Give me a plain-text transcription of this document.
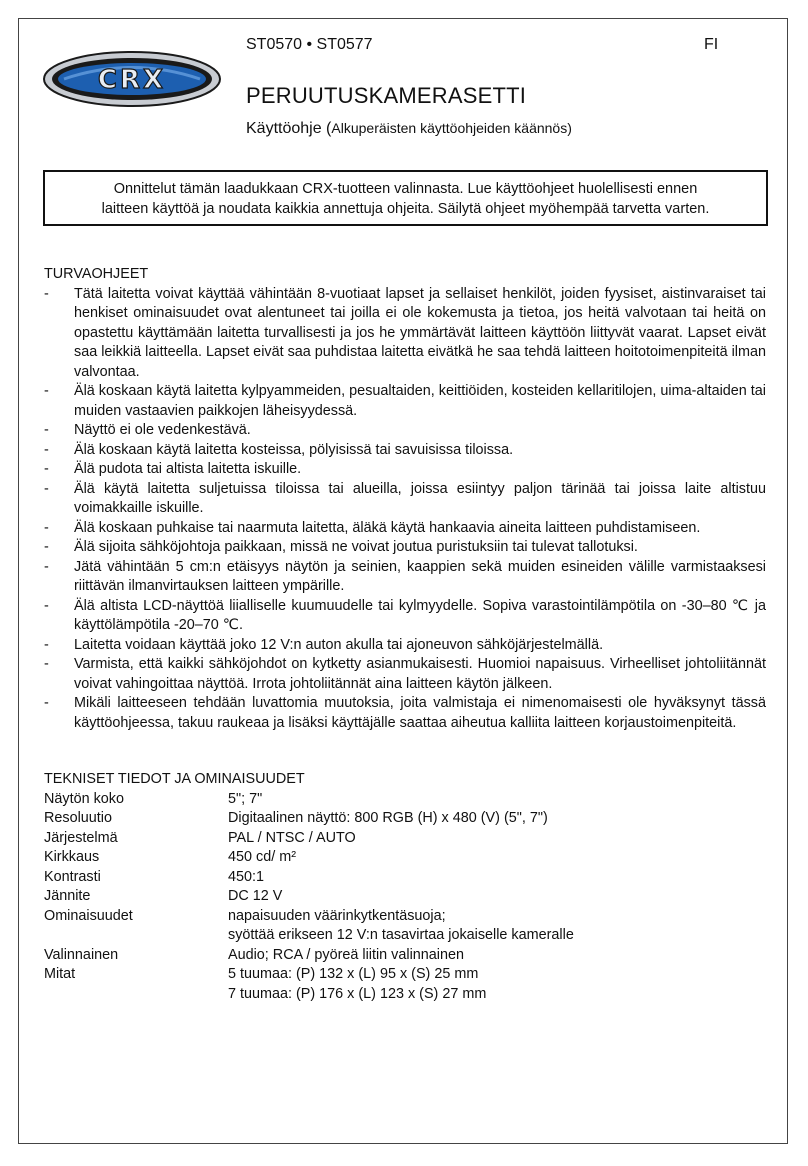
CRX
ST0570 • ST0577	FI
PERUUTUSKAMERASETTI
Käyttöohje (Alkuperäisten käyttöohjeiden käännös)
Onnittelut tämän laadukkaan CRX-tuotteen valinnasta. Lue käyttöohjeet huolellisesti ennen
laitteen käyttöä ja noudata kaikkia annettuja ohjeita. Säilytä ohjeet myöhempää tarvetta varten.
TURVAOHJEET
- Tätä laitetta voivat käyttää vähintään 8-vuotiaat lapset ja sellaiset henkilöt, joiden fyysiset, aistinvaraiset tai henkiset ominaisuudet ovat alentuneet tai joilla ei ole kokemusta ja tietoa, jos heitä valvotaan tai heitä on opastettu käyttämään laitetta turvallisesti ja jos he ymmärtävät laitteen käyttöön liittyvät vaarat. Lapset eivät saa leikkiä laitteella. Lapset eivät saa puhdistaa laitetta eivätkä he saa tehdä laitteen hoitotoimenpiteitä ilman valvontaa.
- Älä koskaan käytä laitetta kylpyammeiden, pesualtaiden, keittiöiden, kosteiden kellaritilojen, uima-altaiden tai muiden vastaavien paikkojen läheisyydessä.
- Näyttö ei ole vedenkestävä.
- Älä koskaan käytä laitetta kosteissa, pölyisissä tai savuisissa tiloissa.
- Älä pudota tai altista laitetta iskuille.
- Älä käytä laitetta suljetuissa tiloissa tai alueilla, joissa esiintyy paljon tärinää tai joissa laite altistuu voimakkaille iskuille.
- Älä koskaan puhkaise tai naarmuta laitetta, äläkä käytä hankaavia aineita laitteen puhdistamiseen.
- Älä sijoita sähköjohtoja paikkaan, missä ne voivat joutua puristuksiin tai tulevat tallotuksi.
- Jätä vähintään 5 cm:n etäisyys näytön ja seinien, kaappien sekä muiden esineiden välille varmistaaksesi riittävän ilmanvirtauksen laitteen ympärille.
- Älä altista LCD-näyttöä liialliselle kuumuudelle tai kylmyydelle. Sopiva varastointilämpötila on -30–80 ℃ ja käyttölämpötila -20–70 ℃.
- Laitetta voidaan käyttää joko 12 V:n auton akulla tai ajoneuvon sähköjärjestelmällä.
- Varmista, että kaikki sähköjohdot on kytketty asianmukaisesti. Huomioi napaisuus. Virheelliset johtoliitännät voivat vahingoittaa näyttöä. Irrota johtoliitännät aina laitteen käytön jälkeen.
- Mikäli laitteeseen tehdään luvattomia muutoksia, joita valmistaja ei nimenomaisesti ole hyväksynyt tässä käyttöohjeessa, takuu raukeaa ja lisäksi käyttäjälle saattaa aiheutua kalliita laitteen korjaustoimenpiteitä.
TEKNISET TIEDOT JA OMINAISUUDET
Näytön koko	5"; 7"
Resoluutio	Digitaalinen näyttö: 800 RGB (H) x 480 (V) (5", 7")
Järjestelmä	PAL / NTSC / AUTO
Kirkkaus	450 cd/ m²
Kontrasti	450:1
Jännite	DC 12 V
Ominaisuudet	napaisuuden väärinkytkentäsuoja;
syöttää erikseen 12 V:n tasavirtaa jokaiselle kameralle
Valinnainen	Audio; RCA / pyöreä liitin valinnainen
Mitat	5 tuumaa: (P) 132 x (L) 95 x (S) 25 mm
7 tuumaa: (P) 176 x (L) 123 x (S) 27 mm
